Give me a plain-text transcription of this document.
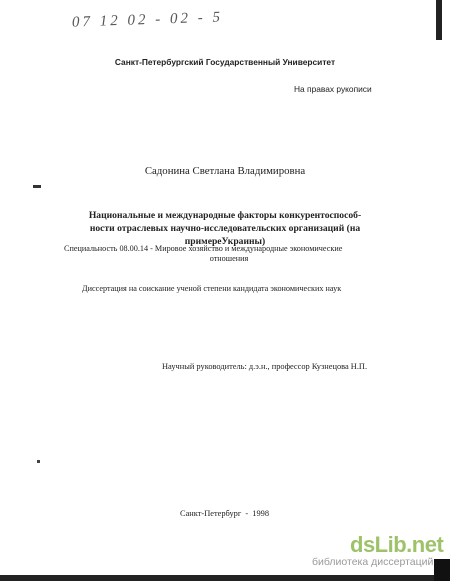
07 12 02 - 02 - 5
Санкт-Петербургский Государственный Университет
На правах рукописи
Садонина Светлана Владимировна
Национальные и международные факторы конкурентоспособ-
ности отраслевых научно-исследовательских организаций (на
примереУкраины)
Специальность 08.00.14 - Мировое хозяйство и международные экономические
отношения
Диссертация на соискание ученой степени кандидата экономических наук
Научный руководитель: д.э.н., профессор Кузнецова Н.П.
Санкт-Петербург - 1998
dsLib.net
библиотека диссертаций
